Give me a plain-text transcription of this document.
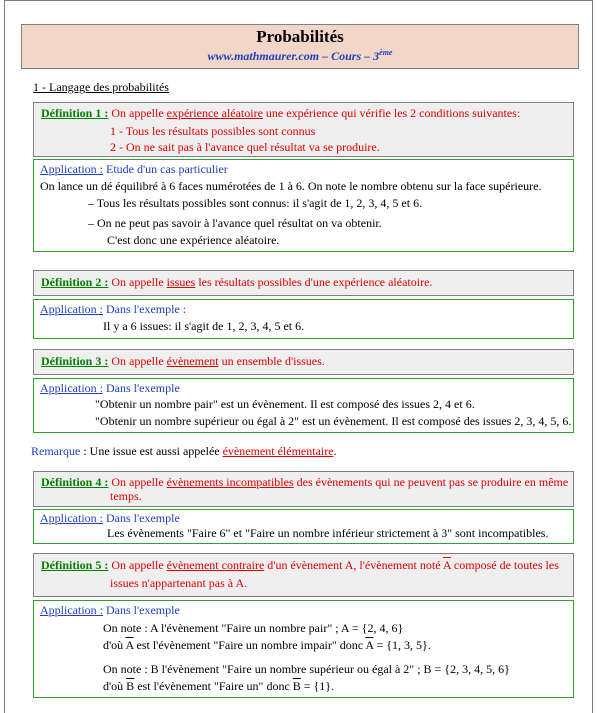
Probabilités
www.mathmaurer.com – Cours – 3ème
1 - Langage des probabilités
Définition 1 : On appelle expérience aléatoire une expérience qui vérifie les 2 conditions suivantes:
1 - Tous les résultats possibles sont connus
2 - On ne sait pas à l'avance quel résultat va se produire.
Application : Etude d'un cas particulier
On lance un dé équilibré à 6 faces numérotées de 1 à 6. On note le nombre obtenu sur la face supérieure.
– Tous les résultats possibles sont connus: il s'agit de 1, 2, 3, 4, 5 et 6.
– On ne peut pas savoir à l'avance quel résultat on va obtenir.
C'est donc une expérience aléatoire.
Définition 2 : On appelle issues les résultats possibles d'une expérience aléatoire.
Application : Dans l'exemple :
Il y a 6 issues: il s'agit de 1, 2, 3, 4, 5 et 6.
Définition 3 : On appelle évènement un ensemble d'issues.
Application : Dans l'exemple
"Obtenir un nombre pair" est un évènement. Il est composé des issues 2, 4 et 6.
"Obtenir un nombre supérieur ou égal à 2" est un évènement. Il est composé des issues 2, 3, 4, 5, 6.
Remarque : Une issue est aussi appelée évènement élémentaire.
Définition 4 : On appelle évènements incompatibles des évènements qui ne peuvent pas se produire en même
temps.
Application : Dans l'exemple
Les évènements "Faire 6" et "Faire un nombre inférieur strictement à 3" sont incompatibles.
Définition 5 : On appelle évènement contraire d'un évènement A, l'évènement noté $\overline{A}$ composé de toutes les
issues n'appartenant pas à A.
Application : Dans l'exemple
On note : A l'évènement "Faire un nombre pair" ; A = {2, 4, 6}
d'où $\overline{A}$ est l'évènement "Faire un nombre impair" donc $\overline{A} = \{1$, 3, 5}.
On note : B l'évènement "Faire un nombre supérieur ou égal à 2" ; B = {2, 3, 4, 5, 6}
d'où $\overline{B}$ est l'évènement "Faire un" donc $\overline{B} = \{1\}$.
